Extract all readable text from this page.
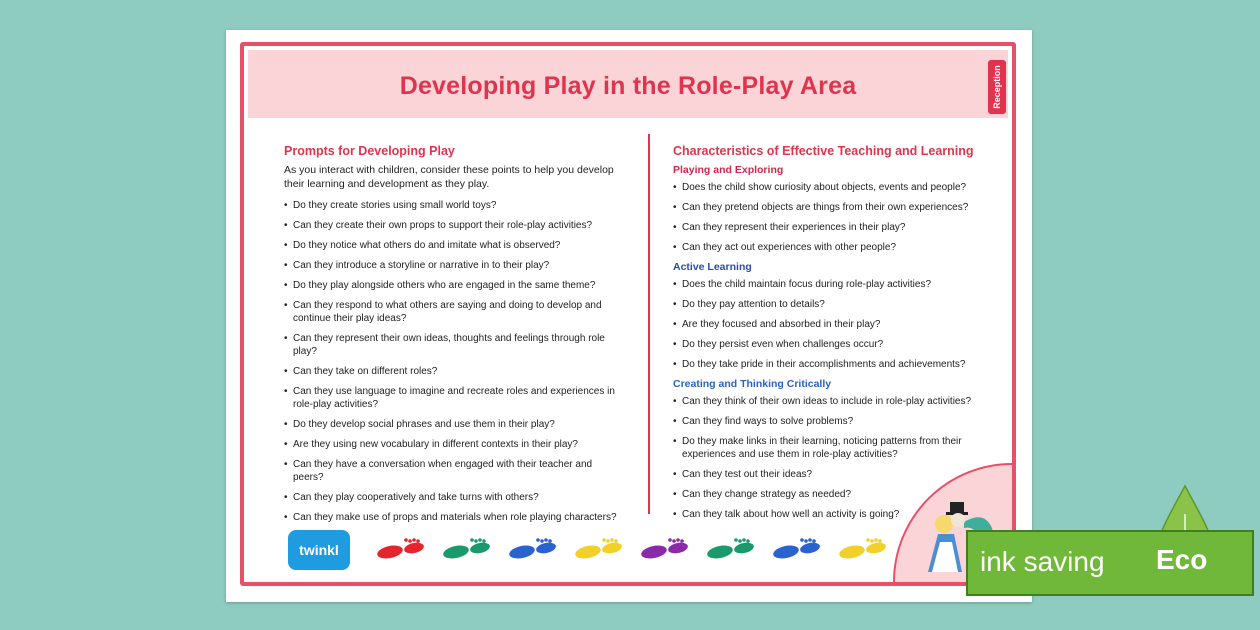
Developing Play in the Role-Play Area	Reception
Prompts for Developing Play
As you interact with children, consider these points to help you develop their learning and development as they play.
• Do they create stories using small world toys?
• Can they create their own props to support their role-play activities?
• Do they notice what others do and imitate what is observed?
• Can they introduce a storyline or narrative in to their play?
• Do they play alongside others who are engaged in the same theme?
• Can they respond to what others are saying and doing to develop and continue their play ideas?
• Can they represent their own ideas, thoughts and feelings through role play?
• Can they take on different roles?
• Can they use language to imagine and recreate roles and experiences in role-play activities?
• Do they develop social phrases and use them in their play?
• Are they using new vocabulary in different contexts in their play?
• Can they have a conversation when engaged with their teacher and peers?
• Can they play cooperatively and take turns with others?
• Can they make use of props and materials when role playing characters?
Characteristics of Effective Teaching and Learning
Playing and Exploring
• Does the child show curiosity about objects, events and people?
• Can they pretend objects are things from their own experiences?
• Can they represent their experiences in their play?
• Can they act out experiences with other people?
Active Learning
• Does the child maintain focus during role-play activities?
• Do they pay attention to details?
• Are they focused and absorbed in their play?
• Do they persist even when challenges occur?
• Do they take pride in their accomplishments and achievements?
Creating and Thinking Critically
• Can they think of their own ideas to include in role-play activities?
• Can they find ways to solve problems?
• Do they make links in their learning, noticing patterns from their experiences and use them in role-play activities?
• Can they test out their ideas?
• Can they change strategy as needed?
• Can they talk about how well an activity is going?
twinkl	ink saving Eco
